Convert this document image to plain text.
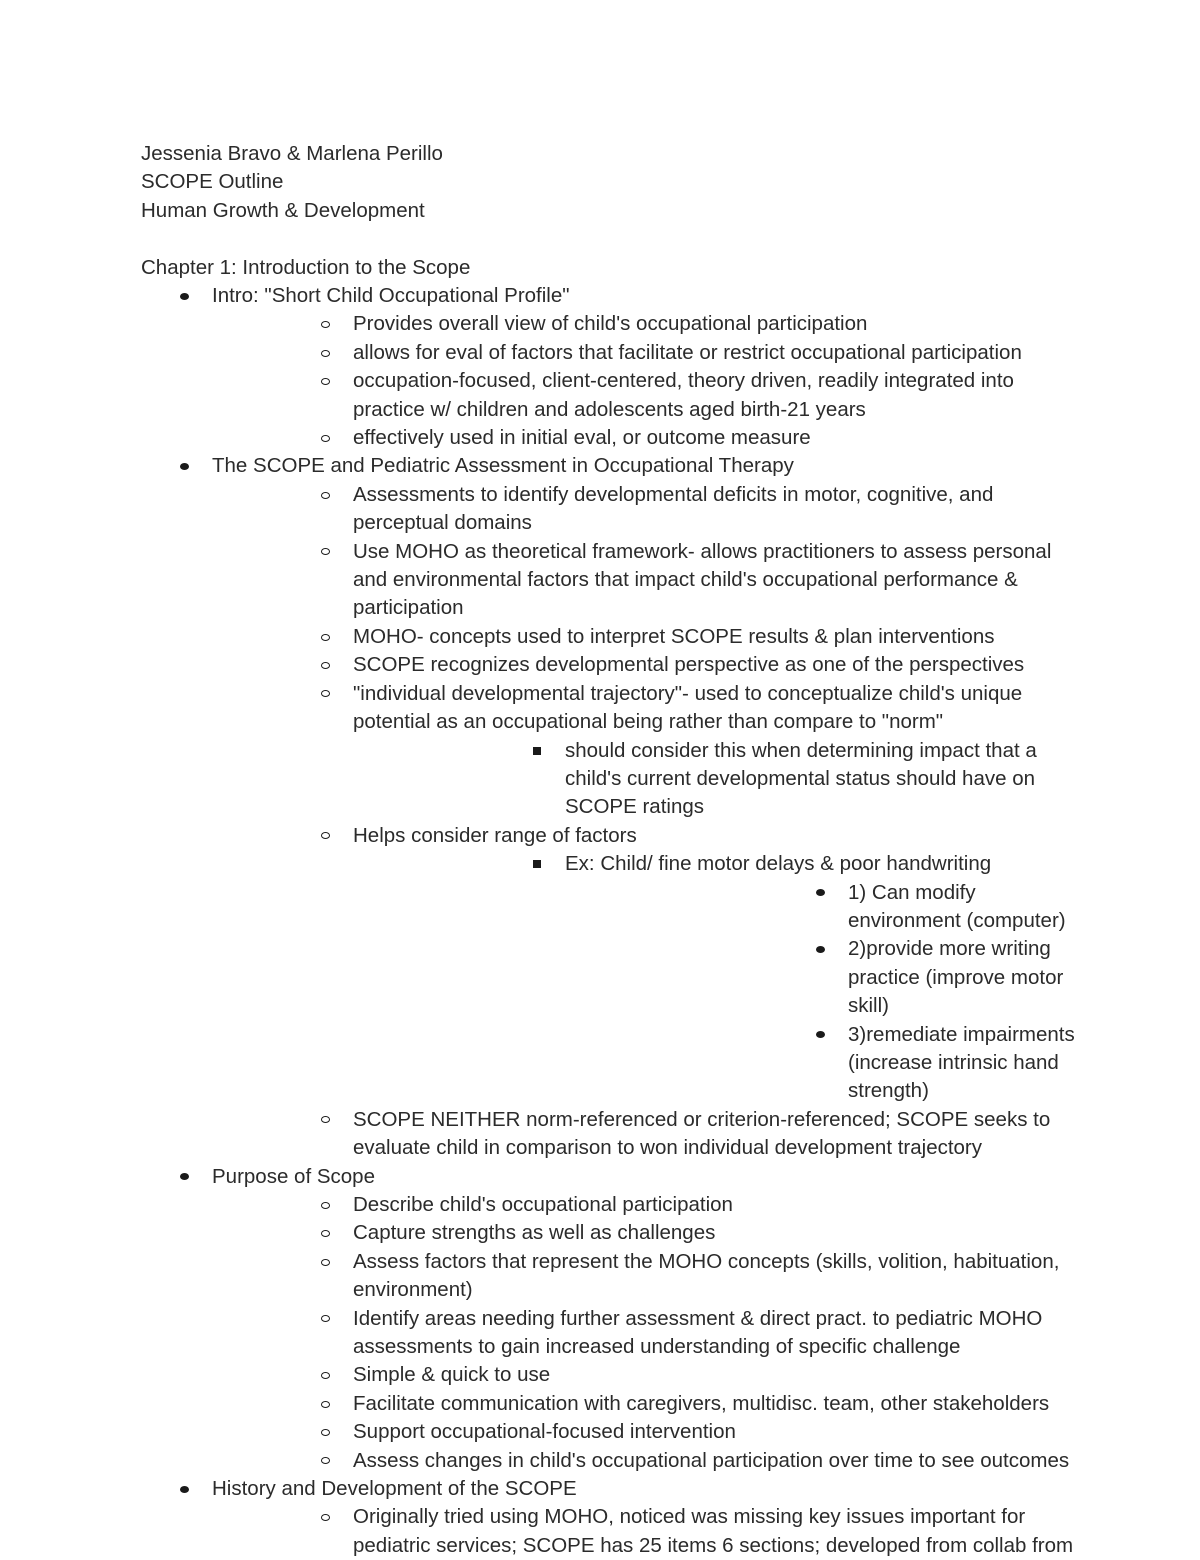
Jessenia Bravo & Marlena Perillo
SCOPE Outline
Human Growth & Development
Chapter 1: Introduction to the Scope
Intro: "Short Child Occupational Profile"
Provides overall view of child's occupational participation
allows for eval of factors that facilitate or restrict occupational participation
occupation-focused, client-centered, theory driven, readily integrated into practice w/ children and adolescents aged birth-21 years
effectively used in initial eval, or outcome measure
The SCOPE and Pediatric Assessment in Occupational Therapy
Assessments to identify developmental deficits in motor, cognitive, and perceptual domains
Use MOHO as theoretical framework- allows practitioners to assess personal and environmental factors that impact child's occupational performance & participation
MOHO- concepts used to interpret SCOPE results & plan interventions
SCOPE recognizes developmental perspective as one of the perspectives
"individual developmental trajectory"- used to conceptualize child's unique potential as an occupational being rather than compare to "norm"
should consider this when determining impact that a child's current developmental status should have on SCOPE ratings
Helps consider range of factors
Ex: Child/ fine motor delays & poor handwriting
1) Can modify environment (computer)
2)provide more writing practice (improve motor skill)
3)remediate impairments (increase intrinsic hand strength)
SCOPE NEITHER norm-referenced or criterion-referenced; SCOPE seeks to evaluate child in comparison to won individual development trajectory
Purpose of Scope
Describe child's occupational participation
Capture strengths as well as challenges
Assess factors that represent the MOHO concepts (skills, volition, habituation, environment)
Identify areas needing further assessment & direct pract. to pediatric MOHO assessments to gain increased understanding of specific challenge
Simple & quick to use
Facilitate communication with caregivers, multidisc. team, other stakeholders
Support occupational-focused intervention
Assess changes in child's occupational participation over time to see outcomes
History and Development of the SCOPE
Originally tried using MOHO, noticed was missing key issues important for pediatric services; SCOPE has 25 items 6 sections; developed from collab from
